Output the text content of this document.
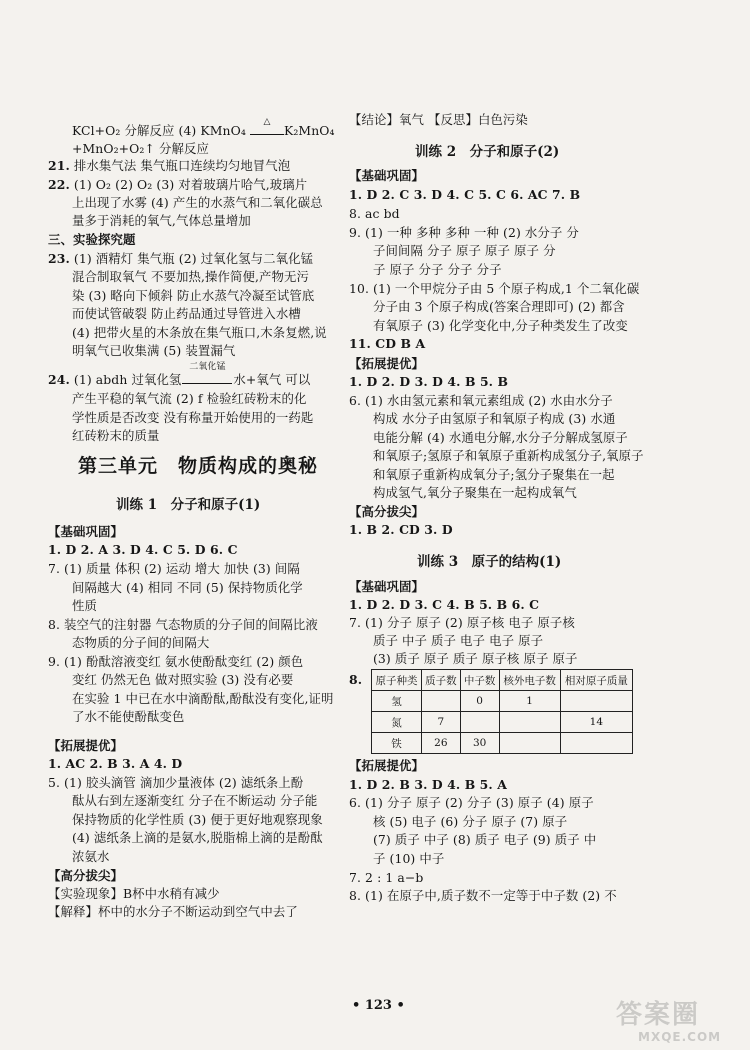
KCl+O₂ 分解反应 (4) KMnO₄
△
K₂MnO₄
+MnO₂+O₂↑ 分解反应
21. 排水集气法 集气瓶口连续均匀地冒气泡
22. (1) O₂ (2) O₂ (3) 对着玻璃片哈气,玻璃片
上出现了水雾 (4) 产生的水蒸气和二氧化碳总
量多于消耗的氧气,气体总量增加
三、实验探究题
23. (1) 酒精灯 集气瓶 (2) 过氧化氢与二氧化锰
混合制取氧气 不要加热,操作简便,产物无污
染 (3) 略向下倾斜 防止水蒸气冷凝至试管底
而使试管破裂 防止药品通过导管进入水槽
(4) 把带火星的木条放在集气瓶口,木条复燃,说
明氧气已收集满 (5) 装置漏气
24. (1) abdh 过氧化氢
二氧化锰
水+氧气 可以
产生平稳的氧气流 (2) f 检验红砖粉末的化
学性质是否改变 没有称量开始使用的一药匙
红砖粉末的质量
第三单元　物质构成的奥秘
训练 1　分子和原子(1)
【基础巩固】
1. D 2. A 3. D 4. C 5. D 6. C
7. (1) 质量 体积 (2) 运动 增大 加快 (3) 间隔
间隔越大 (4) 相同 不同 (5) 保持物质化学
性质
8. 装空气的注射器 气态物质的分子间的间隔比液
态物质的分子间的间隔大
9. (1) 酚酞溶液变红 氨水使酚酞变红 (2) 颜色
变红 仍然无色 做对照实验 (3) 没有必要
在实验 1 中已在水中滴酚酞,酚酞没有变化,证明
了水不能使酚酞变色
【拓展提优】
1. AC 2. B 3. A 4. D
5. (1) 胶头滴管 滴加少量液体 (2) 滤纸条上酚
酞从右到左逐渐变红 分子在不断运动 分子能
保持物质的化学性质 (3) 便于更好地观察现象
(4) 滤纸条上滴的是氨水,脱脂棉上滴的是酚酞
浓氨水
【高分拔尖】
【实验现象】B杯中水稍有减少
【解释】杯中的水分子不断运动到空气中去了
【结论】氧气 【反思】白色污染
训练 2　分子和原子(2)
【基础巩固】
1. D 2. C 3. D 4. C 5. C 6. AC 7. B
8. ac bd
9. (1) 一种 多种 多种 一种 (2) 水分子 分
子间间隔 分子 原子 原子 原子 分
子 原子 分子 分子 分子
10. (1) 一个甲烷分子由 5 个原子构成,1 个二氧化碳
分子由 3 个原子构成(答案合理即可) (2) 都含
有氧原子 (3) 化学变化中,分子种类发生了改变
11. CD B A
【拓展提优】
1. D 2. D 3. D 4. B 5. B
6. (1) 水由氢元素和氧元素组成 (2) 水由水分子
构成 水分子由氢原子和氧原子构成 (3) 水通
电能分解 (4) 水通电分解,水分子分解成氢原子
和氧原子;氢原子和氧原子重新构成氢分子,氧原子
和氧原子重新构成氧分子;氢分子聚集在一起
构成氢气,氧分子聚集在一起构成氧气
【高分拔尖】
1. B 2. CD 3. D
训练 3　原子的结构(1)
【基础巩固】
1. D 2. D 3. C 4. B 5. B 6. C
7. (1) 分子 原子 (2) 原子核 电子 原子核
质子 中子 质子 电子 电子 原子
(3) 质子 原子 质子 原子核 原子 原子
8.
【拓展提优】
1. D 2. B 3. D 4. B 5. A
6. (1) 分子 原子 (2) 分子 (3) 原子 (4) 原子
核 (5) 电子 (6) 分子 原子 (7) 原子
(7) 质子 中子 (8) 质子 电子 (9) 质子 中
子 (10) 中子
7. 2 : 1 a−b
8. (1) 在原子中,质子数不一定等于中子数 (2) 不
原子种类	质子数	中子数	核外电子数	相对原子质量
氢		0	1	
氮	7			14
铁	26	30		
• 123 •	答案圈
MXQE.COM
